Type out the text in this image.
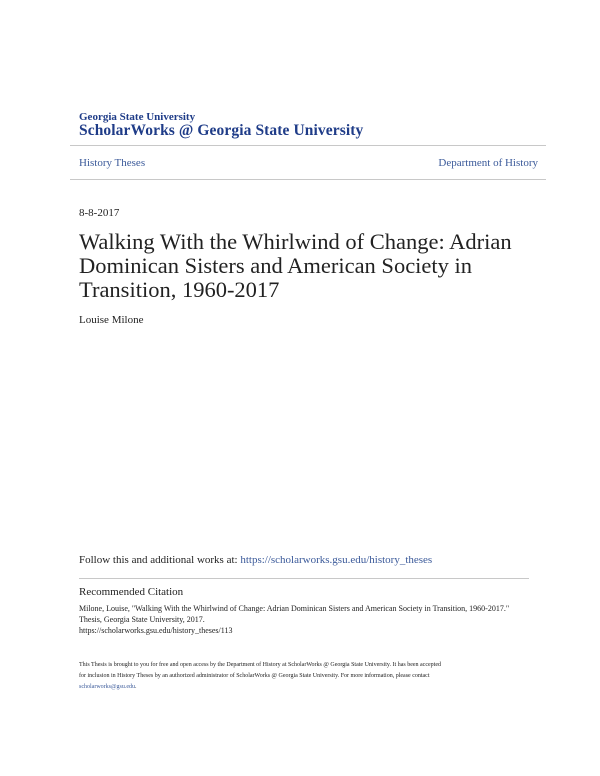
Georgia State University
ScholarWorks @ Georgia State University
History Theses	Department of History
8-8-2017
Walking With the Whirlwind of Change: Adrian
Dominican Sisters and American Society in
Transition, 1960-2017
Louise Milone
Follow this and additional works at: https://scholarworks.gsu.edu/history_theses
Recommended Citation
Milone, Louise, "Walking With the Whirlwind of Change: Adrian Dominican Sisters and American Society in Transition, 1960-2017."
Thesis, Georgia State University, 2017.
https://scholarworks.gsu.edu/history_theses/113
This Thesis is brought to you for free and open access by the Department of History at ScholarWorks @ Georgia State University. It has been accepted
for inclusion in History Theses by an authorized administrator of ScholarWorks @ Georgia State University. For more information, please contact
scholarworks@gsu.edu.
